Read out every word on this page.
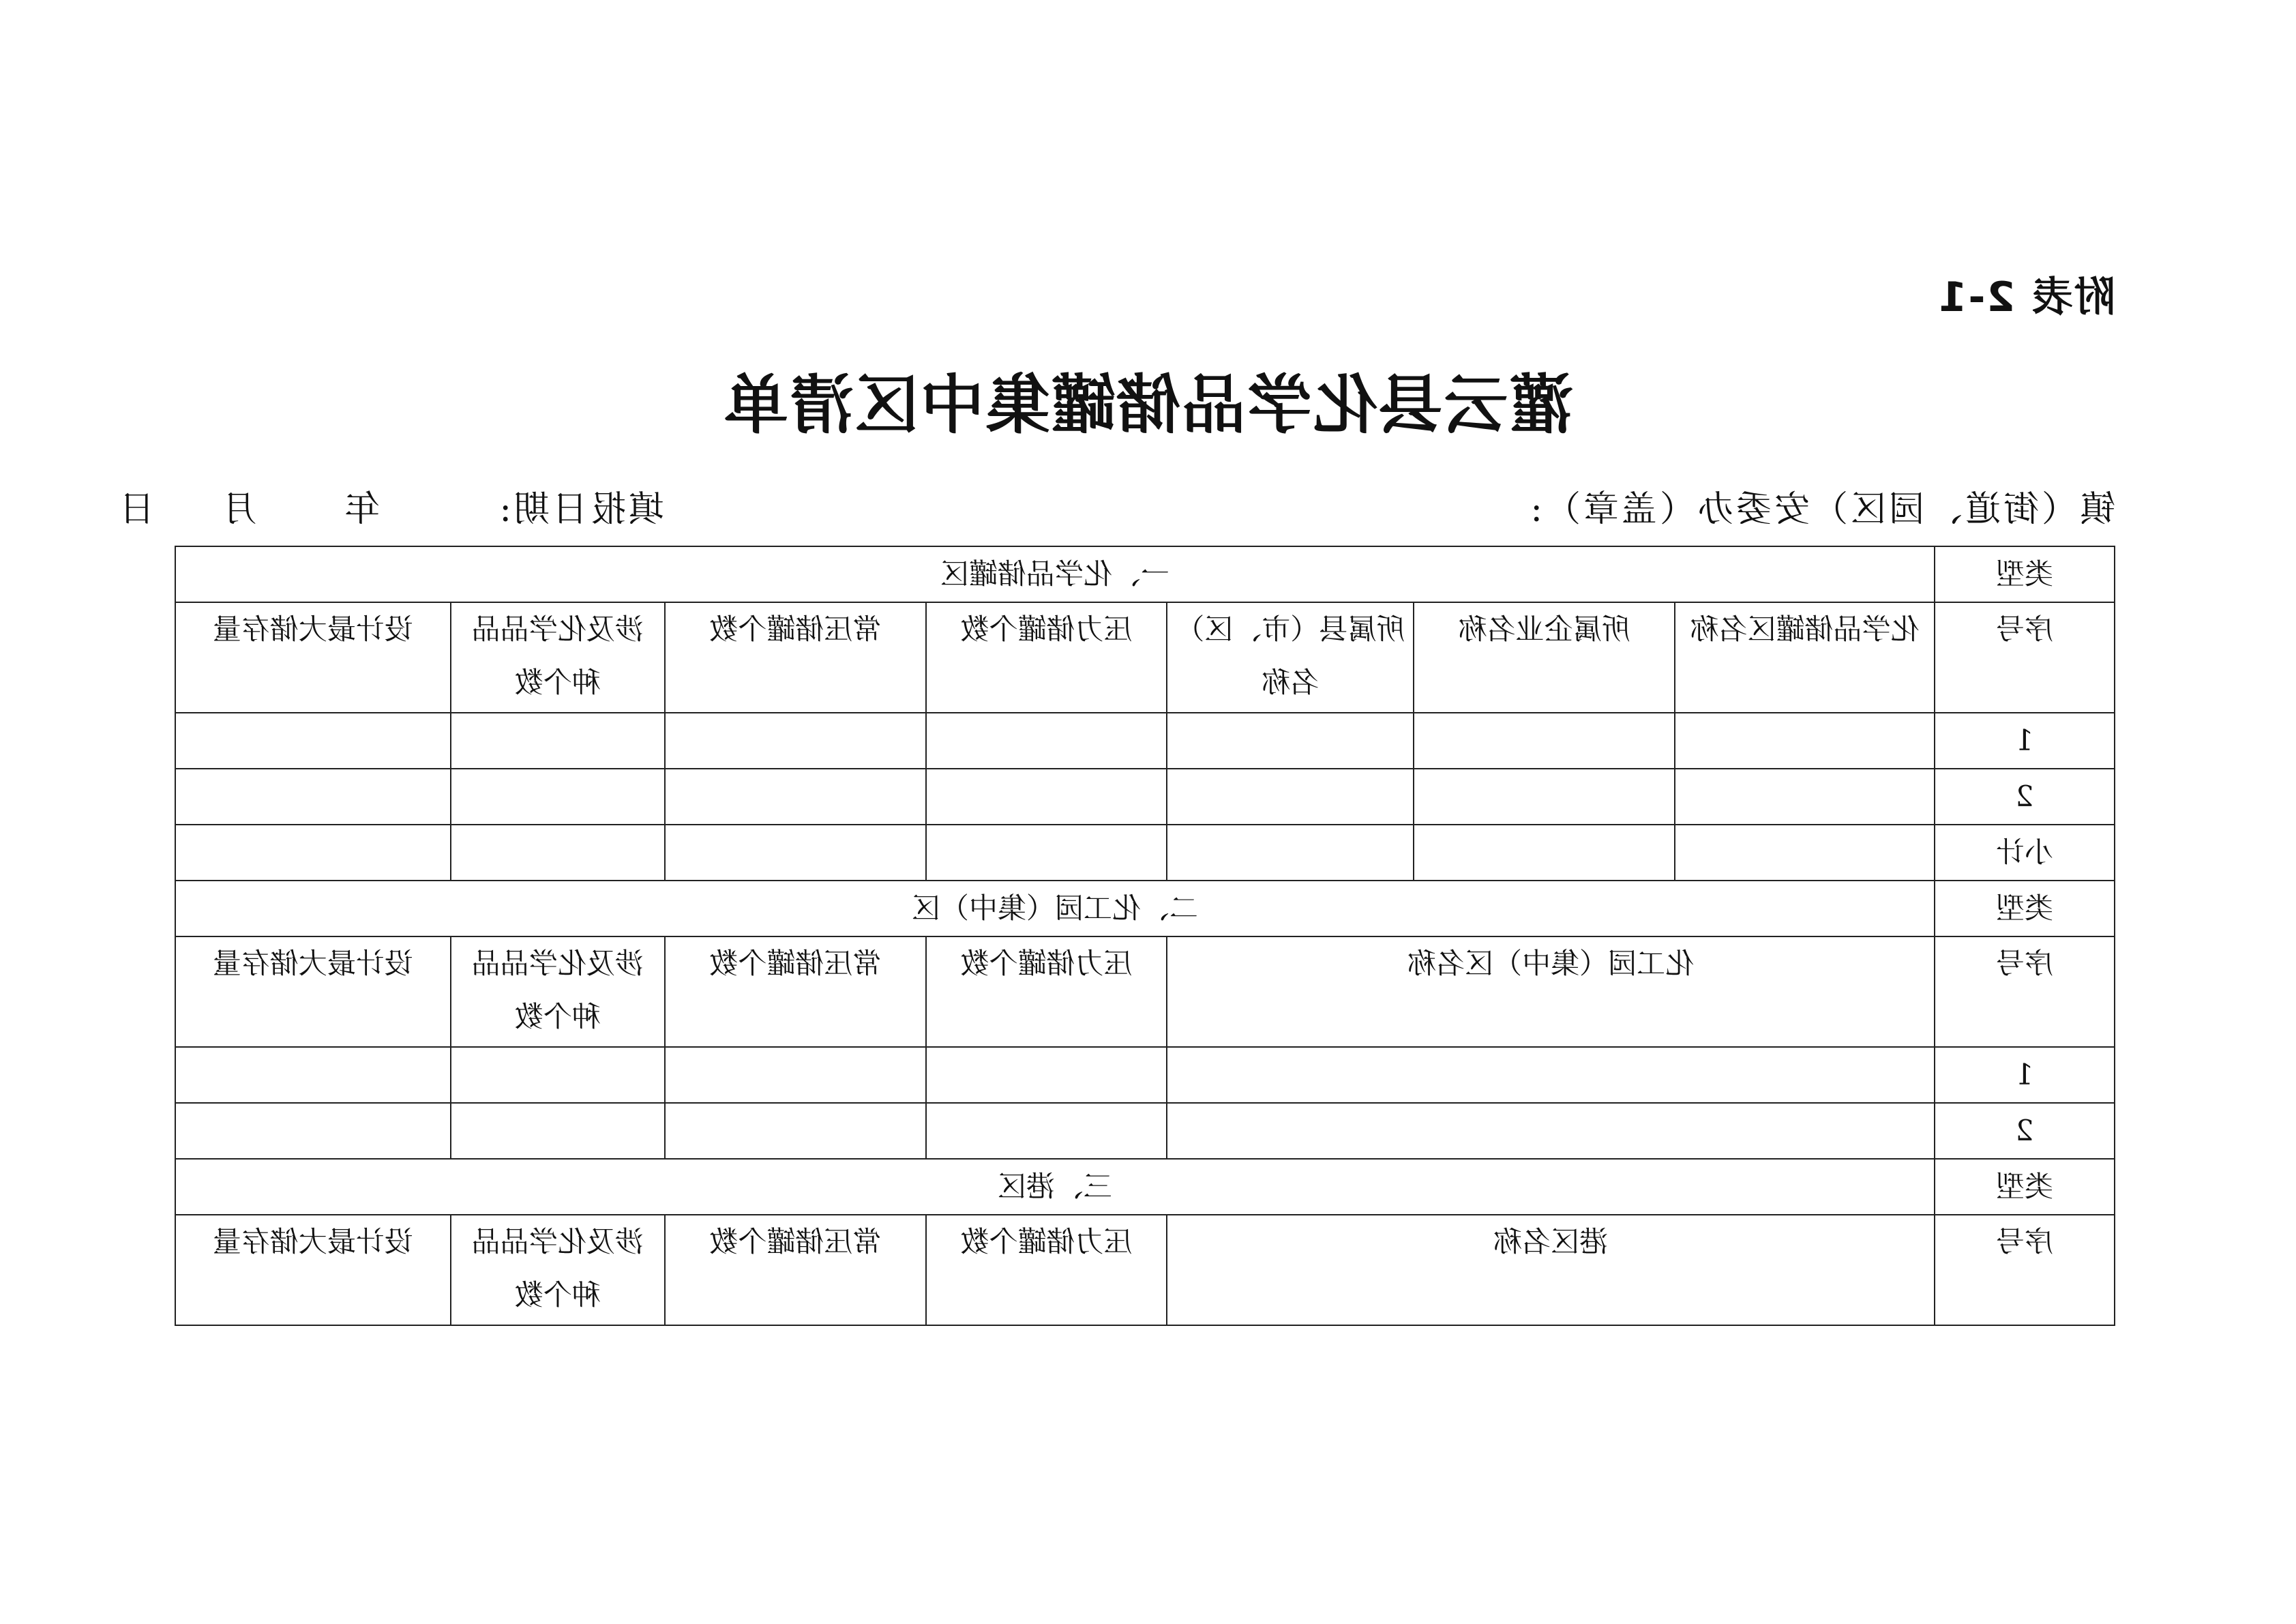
附表 2-1
灌云县化学品储罐集中区清单
镇（街道、园区）安委办（盖章）:
填报日期:
年
月
日
类型	一、化学品储罐区						
序号	化学品储罐区名称	所属企业名称	所属县（市、区）名称	压力储罐个数	常压储罐个数	涉及化学品品种个数	设计最大储存量
1							
2							
小计							
类型	二、化工园（集中）区						
序号	化工园（集中）区名称			压力储罐个数	常压储罐个数	涉及化学品品种个数	设计最大储存量
1							
2							
类型	三、港区						
序号	港区名称			压力储罐个数	常压储罐个数	涉及化学品品种个数	设计最大储存量
